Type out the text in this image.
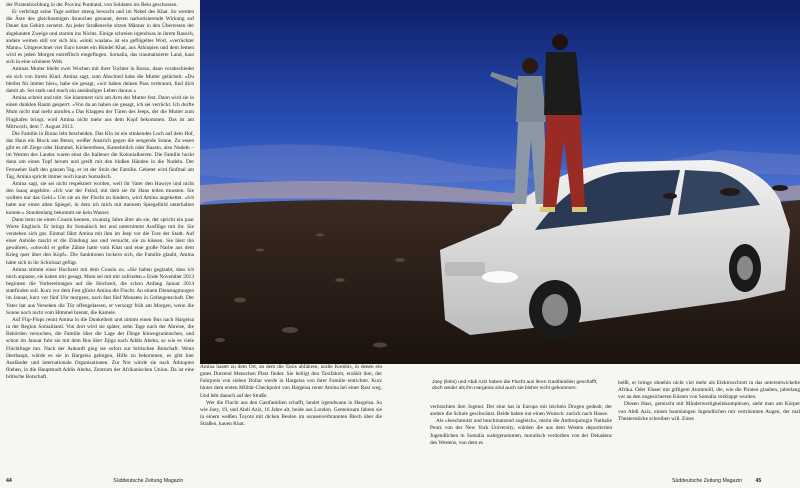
der Piratenhochburg in der Provinz Puntland, von Soldaten ins Bein geschossen.

Er verbringt seine Tage seither streng bewacht und im Nebel des Khat. So werden die Äste des gleichnamigen Strauches genannt, deren narkotisierende Wirkung auf Dauer das Gehirn zersetzt. An jeder Straßenecke sitzen Männer in den Überresten der abgekauten Zweige und starren ins Nichts. Einige schreien irgendwas in ihrem Rausch, andere weinen still vor sich hin, »sinki waalan« ist ein geflügeltes Wort, »verrückter Mann«. Umgerechnet vier Euro kostet ein Bündel Khat, aus Äthiopien und dem Jemen wird es jeden Morgen entreffisch eingeflogen. Somalia, das traumatisierte Land, kaut sich in eine schönere Welt.

Aminas Mutter bleibt zwei Wochen mit ihrer Tochter in Burao, dann verabschiedet sie sich von ihrem Kind. Amina sagt, zum Abschied habe die Mutter gelächelt. »Du bleibst für immer hier«, habe sie gesagt, »wir haben deinen Pass verbrannt, find dich damit ab. Sei stark und mach ein anständiges Leben daraus.«

Amina schreit und tobt. Sie klammert sich am Arm der Mutter fest. Dann wird sie in einen dunklen Raum gesperrt. »Von da an haben sie gesagt, ich sei verrückt. Ich durfte Mum nicht mal mehr anrufen.« Das Klappen der Türen des Jeeps, der die Mutter zum Flughafen bringt, wird Amina nicht mehr aus dem Kopf bekommen. Das ist am Mittwoch, dem 7. August 2013.

Die Familie in Burao lebt bescheiden. Das Klo ist ein stinkendes Loch auf dem Hof, das Haus ein Block aus Beton, weißer Anstrich gegen die sengende Sonne. Zu essen gibt es oft Ziege oder Hammel, Kichererbsen, Kamelmilch oder Baasto, also Nudeln – im Westen des Landes waren einst die Italiener die Kolonialherren. Die Familie hockt dann um einen Topf herum und greift mit den bloßen Händen in die Nudeln. Der Fernseher läuft den ganzen Tag, er ist der Stolz der Familie. Gebetet wird fünfmal am Tag, Amina spricht immer noch kaum Somalisch.

Amina sagt, sie sei nicht respektiert worden, weil ihr Vater den Hawiye und nicht den Isaaq angehöre. »Ich war der Feind, mit dem sie ihr Haus teilen mussten. Sie wollten nur das Geld.« Um sie an der Flucht zu hindern, wird Amina angekettet. »Ich hatte nur einen alten Spiegel, in dem ich mich mit meinem Spiegelbild unterhalten konnte.« Stundenlang bekommt sie kein Wasser.

Dann lernt sie einen Cousin kennen, zwanzig Jahre älter als sie, der spricht ein paar Worte Englisch. Er bringt ihr Somalisch bei und unternimmt Ausflüge mit ihr. Sie verstehen sich gut. Einmal fährt Amina mit ihm im Jeep vor die Tore der Stadt. Auf einer Anhöhe macht er die Zündung aus und versucht, sie zu küssen. Sie lässt ihn gewähren, »obwohl er gelbe Zähne hatte vom Khat und eine große Narbe aus dem Krieg quer über den Kopf«. Die Sanktionen lockern sich, die Familie glaubt, Amina hätte sich in ihr Schicksal gefügt.

Amina stimmt einer Hochzeit mit dem Cousin zu. »Sie haben geglaubt, dass ich mich anpasse, sie haben mir gesagt, Mum sei mit mir zufrieden.« Ende November 2013 beginnen die Vorbereitungen auf die Hochzeit, die schon Anfang Januar 2014 stattfinden soll. Kurz vor dem Fest glückt Amina die Flucht. An einem Dienstagmorgen im Januar, kurz vor fünf Uhr morgens, nach fast fünf Monaten in Gefangenschaft. Der Vater hat aus Versehen die Tür offengelassen, er versorgt früh am Morgen, wenn die Sonne noch nicht vom Himmel brennt, die Kamele.

Auf Flip-Flops rennt Amina in die Dunkelheit und nimmt einen Bus nach Hargeisa in der Region Somaliland. Von dort wird sie später, zehn Tage nach der Abreise, die Behörden versuchen, die Familie über die Lage der Dinge hinwegzutäuschen, und schon im Januar fuhr sie mit dem Bus über Jijiga nach Addis Abeba, so wie es viele Flüchtlinge tun. Nach der Ankunft ging sie sofort zur britischen Botschaft. Wenn überhaupt, würde es sie in Hargeisa gelingen, Hilfe zu bekommen, es gibt hier Ausländer und internationale Organisationen. Zur Not würde sie nach Äthiopien fliehen, in die Hauptstadt Addis Abeba, Zentrum der Afrikanischen Union. Da ist eine britische Botschaft.

Amina hastet zu dem Ort, an dem die Taxis abfahren, uralte Kombis, in denen ein gutes Dutzend Menschen Platz findet. Sie beliigt den Taxifahrer, erzählt ihm, der Fahrpreis von sieben Dollar werde in Hargeisa von ihrer Familie entrichtet. Kurz hinter dem ersten Militär-Checkpoint von Hargeisa rennt Amina bei einer Rast weg. Und lebt danach auf der Straße.

Wer die Flucht aus den Gastfamilien schafft, landet irgendwann in Hargeisa. So wie Joey, 19, und Abdi Aziz, 16 Jahre alt, beide aus London. Gemeinsam fahren sie in einem weißen Toyota mit dicken Beulen im sonnenverbrannten Blech über die Straßen, kauen Khat.

Joey (links) und Abdi Aziz haben die Flucht aus ihren Gastfamilien geschafft, doch weder als ihn Hargeisa sind auch sie bisher nicht gekommen.

verbrachten ihre Jugend. Der eine hat in Europa mit leichten Drogen gedealt, der andere die Schule geschwänzt. Beide haben nur einen Wunsch: zurück nach Hause.

Als »beschmutzt und beschmutzend zugleich«, meint die Anthropologin Nathalie Peutz von der New York University, würden die aus dem Westen deportierten Jugendlichen in Somalia wahrgenommen, moralisch verdorben von der Dekadenz des Westens, von dem es

heißt, er bringe ohnehin nicht viel mehr als Elektroschrott in das unterentwickelte Afrika. Oder Fässer mit giftigem Atommüll, die, wie die Piraten glauben, jahrelang vor an den ungesicherten Küsten von Somalia verklappt wurden.

Diesen Hass, gemischt mit Minderwertigkeitskomplexen, sieht man am Körper von Abdi Aziz, einem baumlangen Jugendlichen mit verträumten Augen, der mal Theaterstücke schreiben will. Eines

44	Süddeutsche Zeitung Magazin	Süddeutsche Zeitung Magazin	45
